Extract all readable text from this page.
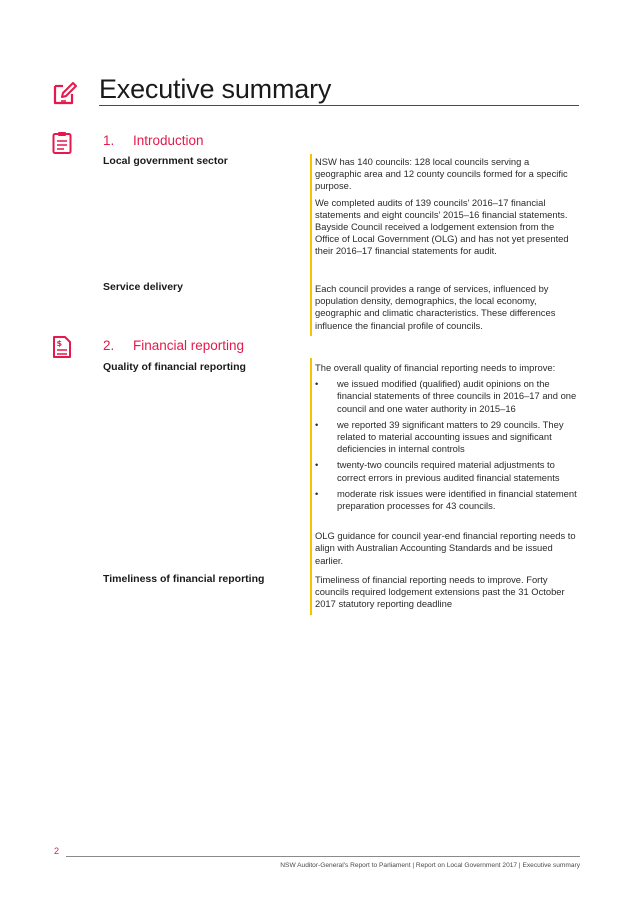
Executive summary
1. Introduction
Local government sector	NSW has 140 councils: 128 local councils serving a geographic area and 12 county councils formed for a specific purpose.

We completed audits of 139 councils' 2016–17 financial statements and eight councils' 2015–16 financial statements. Bayside Council received a lodgement extension from the Office of Local Government (OLG) and has not yet presented their 2016–17 financial statements for audit.

Service delivery	Each council provides a range of services, influenced by population density, demographics, the local economy, geographic and climatic characteristics. These differences influence the financial profile of councils.

$	2. Financial reporting
Quality of financial reporting	The overall quality of financial reporting needs to improve:

• we issued modified (qualified) audit opinions on the financial statements of three councils in 2016–17 and one council and one water authority in 2015–16
• we reported 39 significant matters to 29 councils. They related to material accounting issues and significant deficiencies in internal controls
• twenty-two councils required material adjustments to correct errors in previous audited financial statements
• moderate risk issues were identified in financial statement preparation processes for 43 councils.

OLG guidance for council year-end financial reporting needs to align with Australian Accounting Standards and be issued earlier.

Timeliness of financial reporting	Timeliness of financial reporting needs to improve. Forty councils required lodgement extensions past the 31 October 2017 statutory reporting deadline

2
NSW Auditor-General's Report to Parliament | Report on Local Government 2017 | Executive summary
